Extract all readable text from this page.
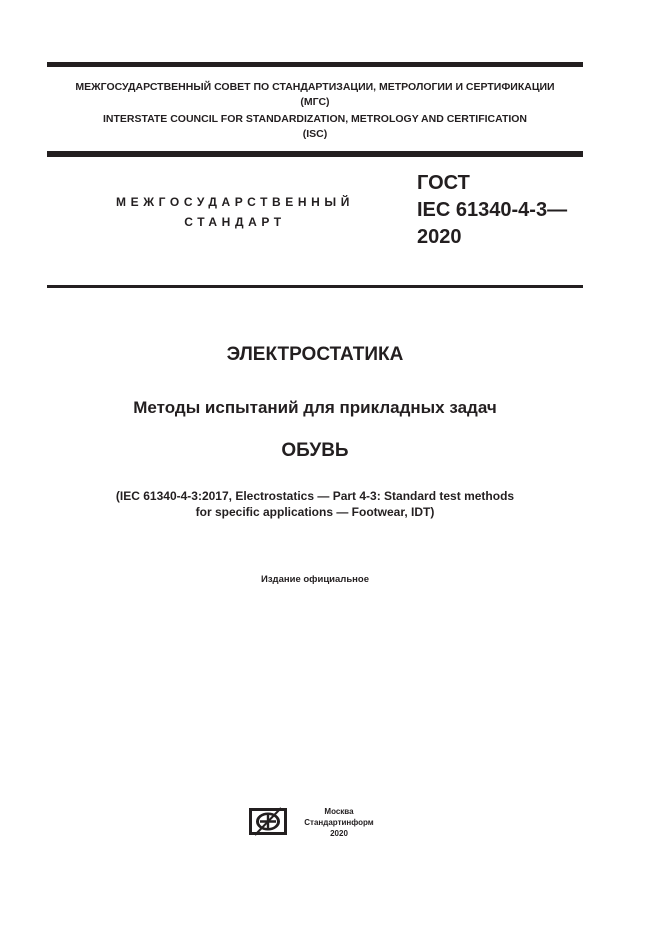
МЕЖГОСУДАРСТВЕННЫЙ СОВЕТ ПО СТАНДАРТИЗАЦИИ, МЕТРОЛОГИИ И СЕРТИФИКАЦИИ
(МГС)
INTERSTATE COUNCIL FOR STANDARDIZATION, METROLOGY AND CERTIFICATION
(ISC)
МЕЖГОСУДАРСТВЕННЫЙ
СТАНДАРТ
ГОСТ
IEC 61340-4-3—
2020
ЭЛЕКТРОСТАТИКА
Методы испытаний для прикладных задач
ОБУВЬ
(IEC 61340-4-3:2017, Electrostatics — Part 4-3: Standard test methods
for specific applications — Footwear, IDT)
Издание официальное
Москва
Стандартинформ
2020
